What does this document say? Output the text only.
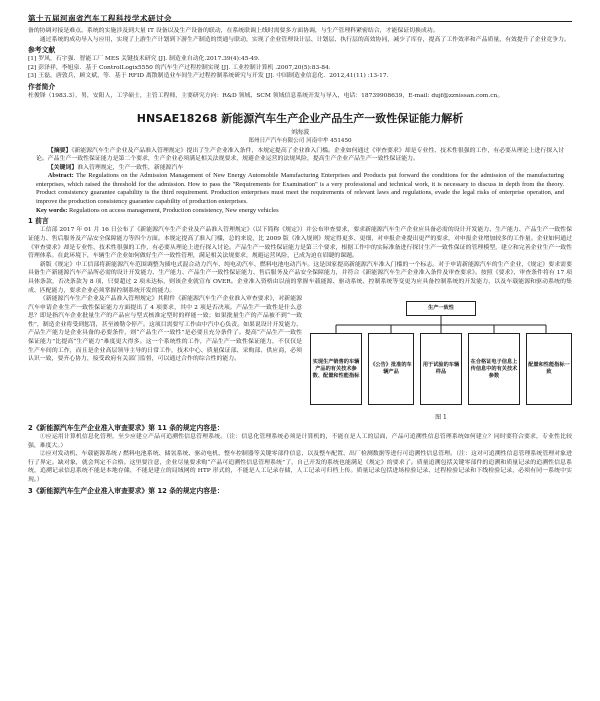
第十五届河南省汽车工程科技学术研讨会

备的协调对接是难点。系统的实施涉及到大量 IT 设备以及生产设备的联动，在系统联调上线时需要多方面协调，与生产管理科紧密结合，才能保证切换成功。

通过系统的成功导入与应用，实现了上游生产计划到下游生产制造的贯通与联动，实现了企业管理设计层、计划层、执行层的高效协同，减少了库存，提高了工作效率和产品质量，有效提升了企业竞争力。

参考文献

[1] 罗凤，石宇强．智能工厂 MES 关键技术研究 [J]. 制造业自动化.2017.39(4):45-49.

[2] 彭泽祥，李旭泉．基于 ControlLogix5550 的汽车生产过程控制实现 [J]. 工业控制计算机 .2007,20(5):83-84.

[3] 王磊，唐敦兵，顾文斌，等．基于 RFID 离散制造业车间生产过程控制系统研究与开发 [J]. 中国制造业信息化．2012,41(11) :13-17.

作者简介

杜俊锋（1983.3），男，安阳人，工学硕士，主管工程师，主要研究方向：R&D 领域、SCM 领域信息系统开发与导入，电话：18739908639，E-mail: dujf@zznissan.com.cn。

HNSAE18268 新能源汽车生产企业产品生产一致性保证能力解析
刘海波
郑州日产汽车有限公司 河南中牟 451450

【摘要】《新能源汽车生产企业及产品准入管理规定》提出了生产企业准入条件，本规定提高了企业准入门槛。企业如何通过《审查要求》却是专业性、技术性很强的工作，有必要从理论上进行探入讨论。产品生产一致性保证能力是第二个要求，生产企业必须满足相关法规要求，规避企业运营的法规风险，提高生产企业产品生产一致性保证能力。

【关键词】准入管理规定，生产一致性，新能源汽车

Abstract: The Regulations on the Admission Management of New Energy Automobile Manufacturing Enterprises and Products put forward the conditions for the admission of the manufacturing enterprises, which raised the threshold for the admission. How to pass the "Requirements for Examination" is a very professional and technical work, it is necessary to discuss in depth from the theory. Product consistency guarantee capability is the third requirement. Production enterprises must meet the requirements of relevant laws and regulations, evade the legal risks of enterprise operation, and improve the production consistency guarantee capability of production enterprises.

Key words: Regulations on access management, Production consistency, New energy vehicles

1 前言

工信部 2017 年 01 月 16 日公布了《新能源汽车生产企业及产品准入管理规定》（以下简称《规定》）并公布审查要求，要求新能源汽车生产企业应具备必需的设计开发能力、生产能力、产品生产一致性保证能力、售后服务及产品安全保障能力等四个方面。本规定提高了准入门槛，总的来说，比 2009 版《准入规则》规定得更多、更细，对申报企业提出更严的要求，对申报企业增加较多的工作量。企业如何通过《审查要求》却是专业性、技术性很强的工作，有必要从理论上进行探入讨论。产品生产一致性保证能力是第三个要求，根据工作中的实际准备进行探讨生产一致性保证的管理模型，建立和完善企业生产一致性管理体系。在此环境下，车辆生产企业如何做好生产一致性管理，满足相关法规要求，规避运营风险，已成为迫在眉睫的课题。

新版《规定》中工信部将新能源汽车范围调整为插电式混合动力汽车、纯电动汽车、燃料电池电动汽车。这是国家提高新能源汽车准入门槛的一个标志。对于申请新能源汽车的生产企业，《规定》要求需要具备生产新能源汽车产品所必需的设计开发能力、生产能力、产品生产一致性保证能力、售后服务及产品安全保障能力，并符合《新能源汽车生产企业准入条件及审查要求》。按照《要求》，审查条件将有 17 项具体条款，否决条款为 8 项，只要超过 2 项未达标，则该企业就宣布 OVER。企业准入资格由以前的掌握车载能源、驱动系统、控制系统等变更为应具备控制系统的开发能力，以及车载能源和驱动系统的集成、匹配能力，要求企业必须掌握控制系统开发的能力。

生产一致性
实现生产销售的车辆产品的有关技术参数、配置和性能指标
《公告》批准的车辆产品
用于试验的车辆样品
在合格证电子信息上传信息中的有关技术参数
配置和性能指标一致
图 1

《新能源汽车生产企业及产品准入管理规定》其附件《新能源汽车生产企业准入审查要求》，对新能源汽车申请企业生产一致性保证能力方面提出了 4 项要求，其中 2 项是否决项。产品生产一致性是什么意思？即是指汽车企业批量生产的产品应与型式核准定型时的样能一致；如果批量生产的产品被不到“一致性”，制造企业将受到惩罚，甚至被勒令停产。这项目需要写工作由中汽中心负责。如果说设计开发能力、产品生产能力是企业具备的必要条件，则“产品生产一致性”是必要且充分条件了。提高“产品生产一致性保证能力”比提高“生产能力”难度更大得多。这一个系统性的工作，产品生产一致性保证能力，不仅仅是生产车间的工作，而且是企业高层领导主导的日常工作，技术中心、质量保证部、采购部、供应商，必须认识一致，要齐心协力，接受政府有关部门监督，可以通过合作的综合性的能力。

2《新能源汽车生产企业准入审查要求》第 11 条的规定内容是：

①应运用计算机信息化管理，至少应建立产品可追溯性信息管理系统。（注：信息化管理系统必须是计算机的，不能在是人工的层面，产品可追溯性信息管理系统如何建立？同时要符合要求，专业性比较强，难度大。）

②应对发动机、车载能源系统 / 燃料电池系统、储氢系统、驱动电机、整车控制器等关键零部件信息，以及整车配置、出厂检测数据等进行可追溯性信息管理。（注：这对可追溯性信息管理系统管理对象进行了界定。缺对象，就会判定不合格。这里要注意，企业尽量要求购“产品可追溯性信息管理系统”了，自己开发的系统也能满足《规定》的要求了。质量追溯包括关键零部件的追溯和质量记录的追溯性信息系统，追溯记录信息系统不能是本地存储，不能是建立的局域网的 HTP 形式的，不能是人工记录存储，人工记录可归档上传。质量记录包括进场检验记录、过程检验记录和下线检验记录，必须有同一系统中实现。）

3《新能源汽车生产企业准入审查要求》第 12 条的规定内容是：
